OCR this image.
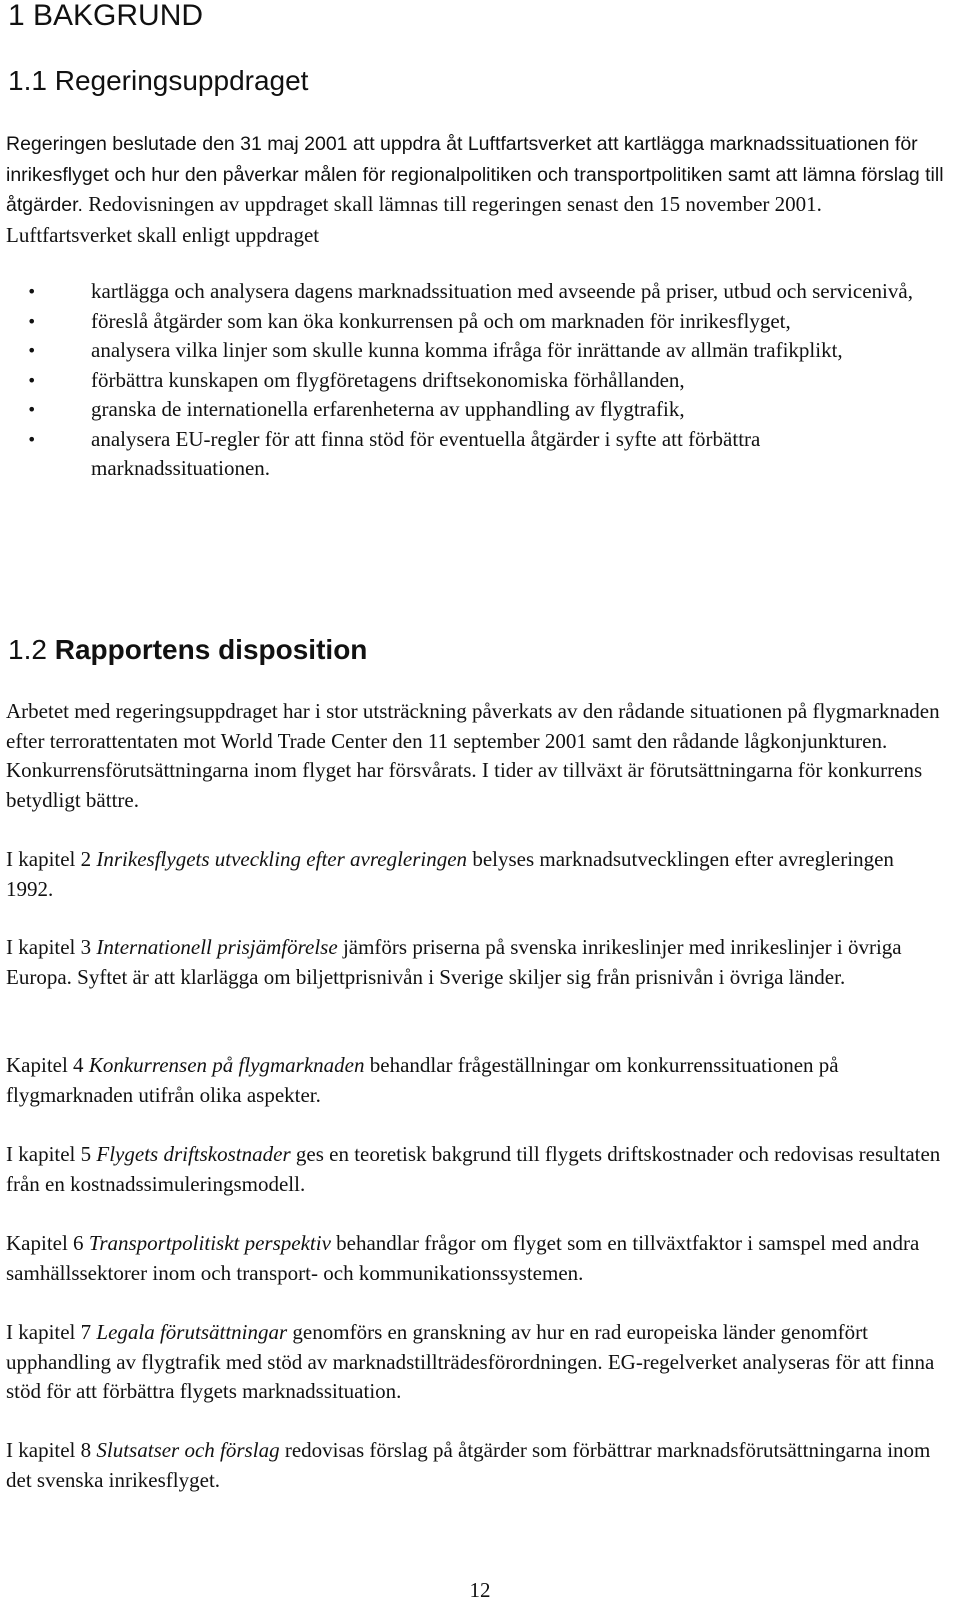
1 BAKGRUND
1.1 Regeringsuppdraget

Regeringen beslutade den 31 maj 2001 att uppdra åt Luftfartsverket att kartlägga marknadssituationen för inrikesflyget och hur den påverkar målen för regionalpolitiken och transportpolitiken samt att lämna förslag till åtgärder. Redovisningen av uppdraget skall lämnas till regeringen senast den 15 november 2001. Luftfartsverket skall enligt uppdraget

•	kartlägga och analysera dagens marknadssituation med avseende på priser, utbud och servicenivå,
•	föreslå åtgärder som kan öka konkurrensen på och om marknaden för inrikesflyget,
•	analysera vilka linjer som skulle kunna komma ifråga för inrättande av allmän trafikplikt,
•	förbättra kunskapen om flygföretagens driftsekonomiska förhållanden,
•	granska de internationella erfarenheterna av upphandling av flygtrafik,
•	analysera EU-regler för att finna stöd för eventuella åtgärder i syfte att förbättra marknadssituationen.
1.2 Rapportens disposition

Arbetet med regeringsuppdraget har i stor utsträckning påverkats av den rådande situationen på flygmarknaden efter terrorattentaten mot World Trade Center den 11 september 2001 samt den rådande lågkonjunkturen. Konkurrensförutsättningarna inom flyget har försvårats. I tider av tillväxt är förutsättningarna för konkurrens betydligt bättre.

I kapitel 2 Inrikesflygets utveckling efter avregleringen belyses marknadsutvecklingen efter avregleringen 1992.

I kapitel 3 Internationell prisjämförelse jämförs priserna på svenska inrikeslinjer med inrikeslinjer i övriga Europa. Syftet är att klarlägga om biljettprisnivån i Sverige skiljer sig från prisnivån i övriga länder.

Kapitel 4 Konkurrensen på flygmarknaden behandlar frågeställningar om konkurrenssituationen på flygmarknaden utifrån olika aspekter.

I kapitel 5 Flygets driftskostnader ges en teoretisk bakgrund till flygets driftskostnader och redovisas resultaten från en kostnadssimuleringsmodell.

Kapitel 6 Transportpolitiskt perspektiv behandlar frågor om flyget som en tillväxtfaktor i samspel med andra samhällssektorer inom och transport- och kommunikationssystemen.

I kapitel 7 Legala förutsättningar genomförs en granskning av hur en rad europeiska länder genomfört upphandling av flygtrafik med stöd av marknadstillträdesförordningen. EG-regelverket analyseras för att finna stöd för att förbättra flygets marknadssituation.

I kapitel 8 Slutsatser och förslag redovisas förslag på åtgärder som förbättrar marknadsförutsättningarna inom det svenska inrikesflyget.

12
